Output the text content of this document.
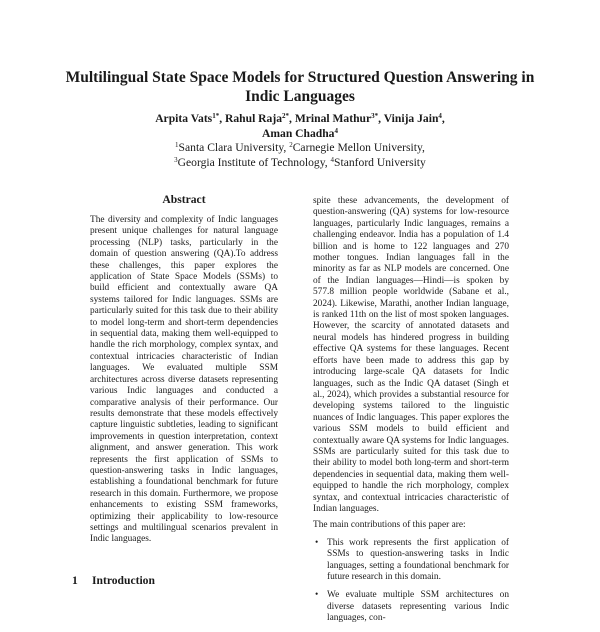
Multilingual State Space Models for Structured Question Answering in Indic Languages
Arpita Vats$^{1*}$, Rahul Raja$^{2*}$, Mrinal Mathur$^{3*}$, Vinija Jain$^4$,
Aman Chadha$^4$
$^1$Santa Clara University, $^2$Carnegie Mellon University,
$^3$Georgia Institute of Technology, $^4$Stanford University
Abstract

The diversity and complexity of Indic languages present unique challenges for natural language processing (NLP) tasks, particularly in the domain of question answering (QA).To address these challenges, this paper explores the application of State Space Models (SSMs) to build efficient and contextually aware QA systems tailored for Indic languages. SSMs are particularly suited for this task due to their ability to model long-term and short-term dependencies in sequential data, making them well-equipped to handle the rich morphology, complex syntax, and contextual intricacies characteristic of Indian languages. We evaluated multiple SSM architectures across diverse datasets representing various Indic languages and conducted a comparative analysis of their performance. Our results demonstrate that these models effectively capture linguistic subtleties, leading to significant improvements in question interpretation, context alignment, and answer generation. This work represents the first application of SSMs to question-answering tasks in Indic languages, establishing a foundational benchmark for future research in this domain. Furthermore, we propose enhancements to existing SSM frameworks, optimizing their applicability to low-resource settings and multilingual scenarios prevalent in Indic languages.

1 Introduction

spite these advancements, the development of question-answering (QA) systems for low-resource languages, particularly Indic languages, remains a challenging endeavor. India has a population of 1.4 billion and is home to 122 languages and 270 mother tongues. Indian languages fall in the minority as far as NLP models are concerned. One of the Indian languages—Hindi—is spoken by 577.8 million people worldwide (Sabane et al., 2024). Likewise, Marathi, another Indian language, is ranked 11th on the list of most spoken languages. However, the scarcity of annotated datasets and neural models has hindered progress in building effective QA systems for these languages. Recent efforts have been made to address this gap by introducing large-scale QA datasets for Indic languages, such as the Indic QA dataset (Singh et al., 2024), which provides a substantial resource for developing systems tailored to the linguistic nuances of Indic languages. This paper explores the various SSM models to build efficient and contextually aware QA systems for Indic languages. SSMs are particularly suited for this task due to their ability to model both long-term and short-term dependencies in sequential data, making them well-equipped to handle the rich morphology, complex syntax, and contextual intricacies characteristic of Indian languages.

The main contributions of this paper are:

• This work represents the first application of SSMs to question-answering tasks in Indic languages, setting a foundational benchmark for future research in this domain.
• We evaluate multiple SSM architectures on diverse datasets representing various Indic languages, con-
